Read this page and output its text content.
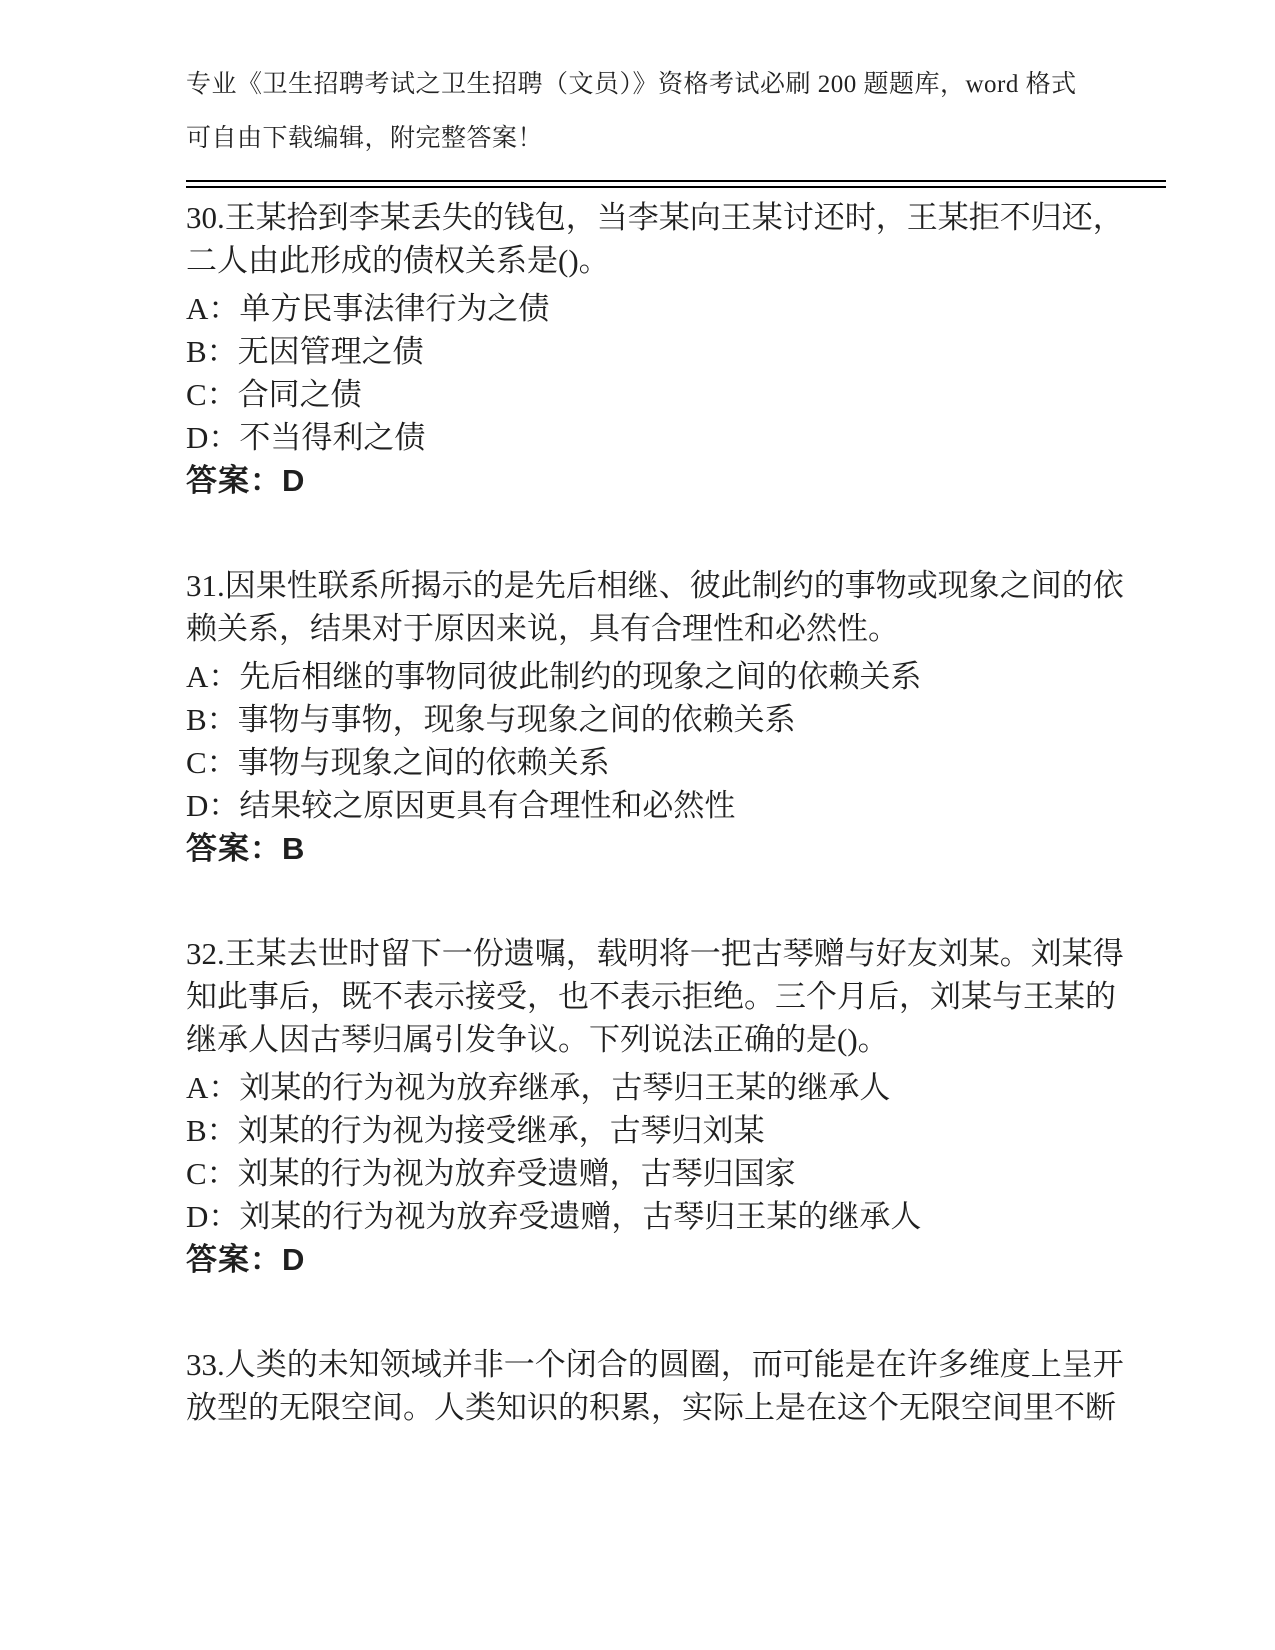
专业《卫生招聘考试之卫生招聘（文员）》资格考试必刷 200 题题库，word 格式

可自由下载编辑，附完整答案！

30.王某拾到李某丢失的钱包，当李某向王某讨还时，王某拒不归还，

二人由此形成的债权关系是()。

A：单方民事法律行为之债

B：无因管理之债

C：合同之债

D：不当得利之债

答案：D

31.因果性联系所揭示的是先后相继、彼此制约的事物或现象之间的依

赖关系，结果对于原因来说，具有合理性和必然性。

A：先后相继的事物同彼此制约的现象之间的依赖关系

B：事物与事物，现象与现象之间的依赖关系

C：事物与现象之间的依赖关系

D：结果较之原因更具有合理性和必然性

答案：B

32.王某去世时留下一份遗嘱，载明将一把古琴赠与好友刘某。刘某得

知此事后，既不表示接受，也不表示拒绝。三个月后，刘某与王某的

继承人因古琴归属引发争议。下列说法正确的是()。

A：刘某的行为视为放弃继承，古琴归王某的继承人

B：刘某的行为视为接受继承，古琴归刘某

C：刘某的行为视为放弃受遗赠，古琴归国家

D：刘某的行为视为放弃受遗赠，古琴归王某的继承人

答案：D

33.人类的未知领域并非一个闭合的圆圈，而可能是在许多维度上呈开

放型的无限空间。人类知识的积累，实际上是在这个无限空间里不断
